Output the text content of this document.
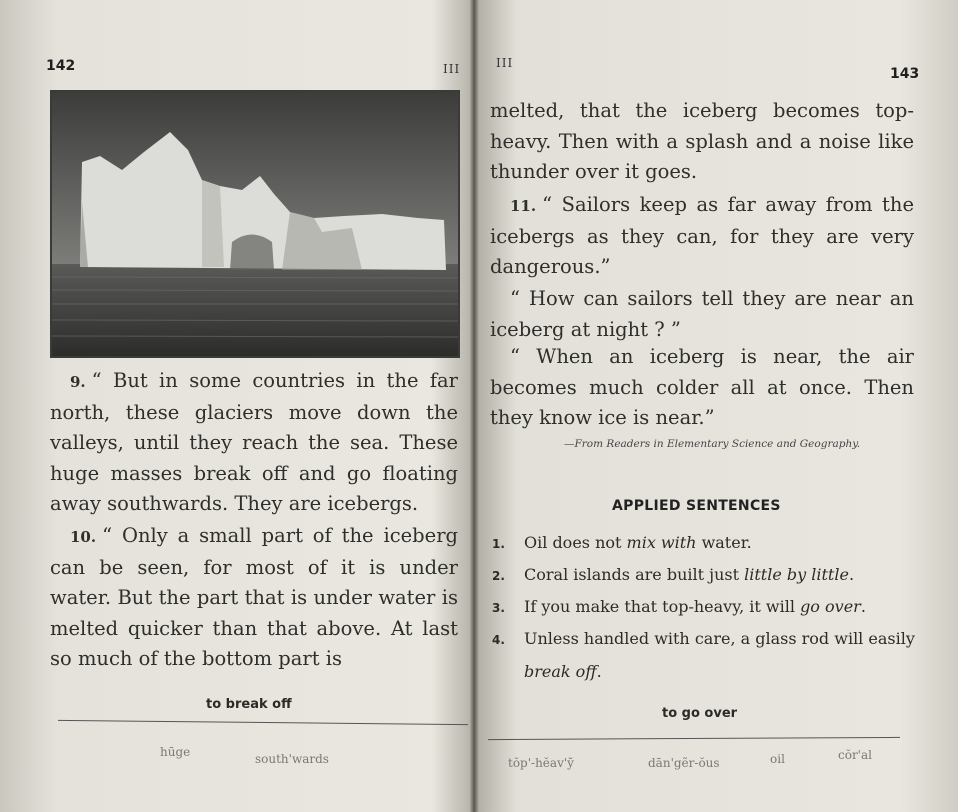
142	III

9. “ But in some countries in the far north, these glaciers move down the valleys, until they reach the sea. These huge masses break off and go floating away southwards. They are icebergs.

10. “ Only a small part of the iceberg can be seen, for most of it is under water. But the part that is under water is melted quicker than that above. At last so much of the bottom part is

to break off
hūge	south'wards
III
143

melted, that the iceberg becomes top-heavy. Then with a splash and a noise like thunder over it goes.

11. “ Sailors keep as far away from the icebergs as they can, for they are very dangerous.”

“ How can sailors tell they are near an iceberg at night ? ”

“ When an iceberg is near, the air becomes much colder all at once. Then they know ice is near.”

—From Readers in Elementary Science and Geography.
APPLIED SENTENCES
1. Oil does not mix with water.
2. Coral islands are built just little by little.
3. If you make that top-heavy, it will go over.
4. Unless handled with care, a glass rod will easily break off.
to go over
tŏp'-hĕav'y̆	dān'gẽr-ŏus	oil	cŏr'al
